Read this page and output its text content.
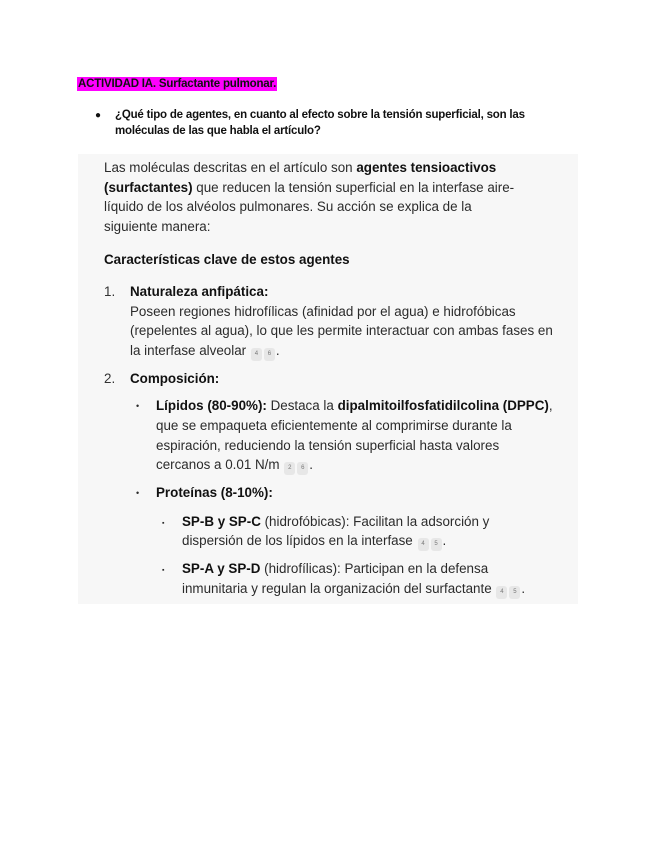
ACTIVIDAD IA. Surfactante pulmonar.
●	¿Qué tipo de agentes, en cuanto al efecto sobre la tensión superficial, son las moléculas de las que habla el artículo?

Las moléculas descritas en el artículo son agentes tensioactivos (surfactantes) que reducen la tensión superficial en la interfase aire-líquido de los alvéolos pulmonares. Su acción se explica de la siguiente manera:

Características clave de estos agentes
1.	Naturaleza anfipática:
Poseen regiones hidrofílicas (afinidad por el agua) e hidrofóbicas (repelentes al agua), lo que les permite interactuar con ambas fases en la interfase alveolar 4 6 .
2.	Composición:
•	Lípidos (80-90%): Destaca la dipalmitoilfosfatidilcolina (DPPC), que se empaqueta eficientemente al comprimirse durante la espiración, reduciendo la tensión superficial hasta valores cercanos a 0.01 N/m 2 6 .
•	Proteínas (8-10%):
▪	SP-B y SP-C (hidrofóbicas): Facilitan la adsorción y dispersión de los lípidos en la interfase 4 5 .
▪	SP-A y SP-D (hidrofílicas): Participan en la defensa inmunitaria y regulan la organización del surfactante 4 5 .
